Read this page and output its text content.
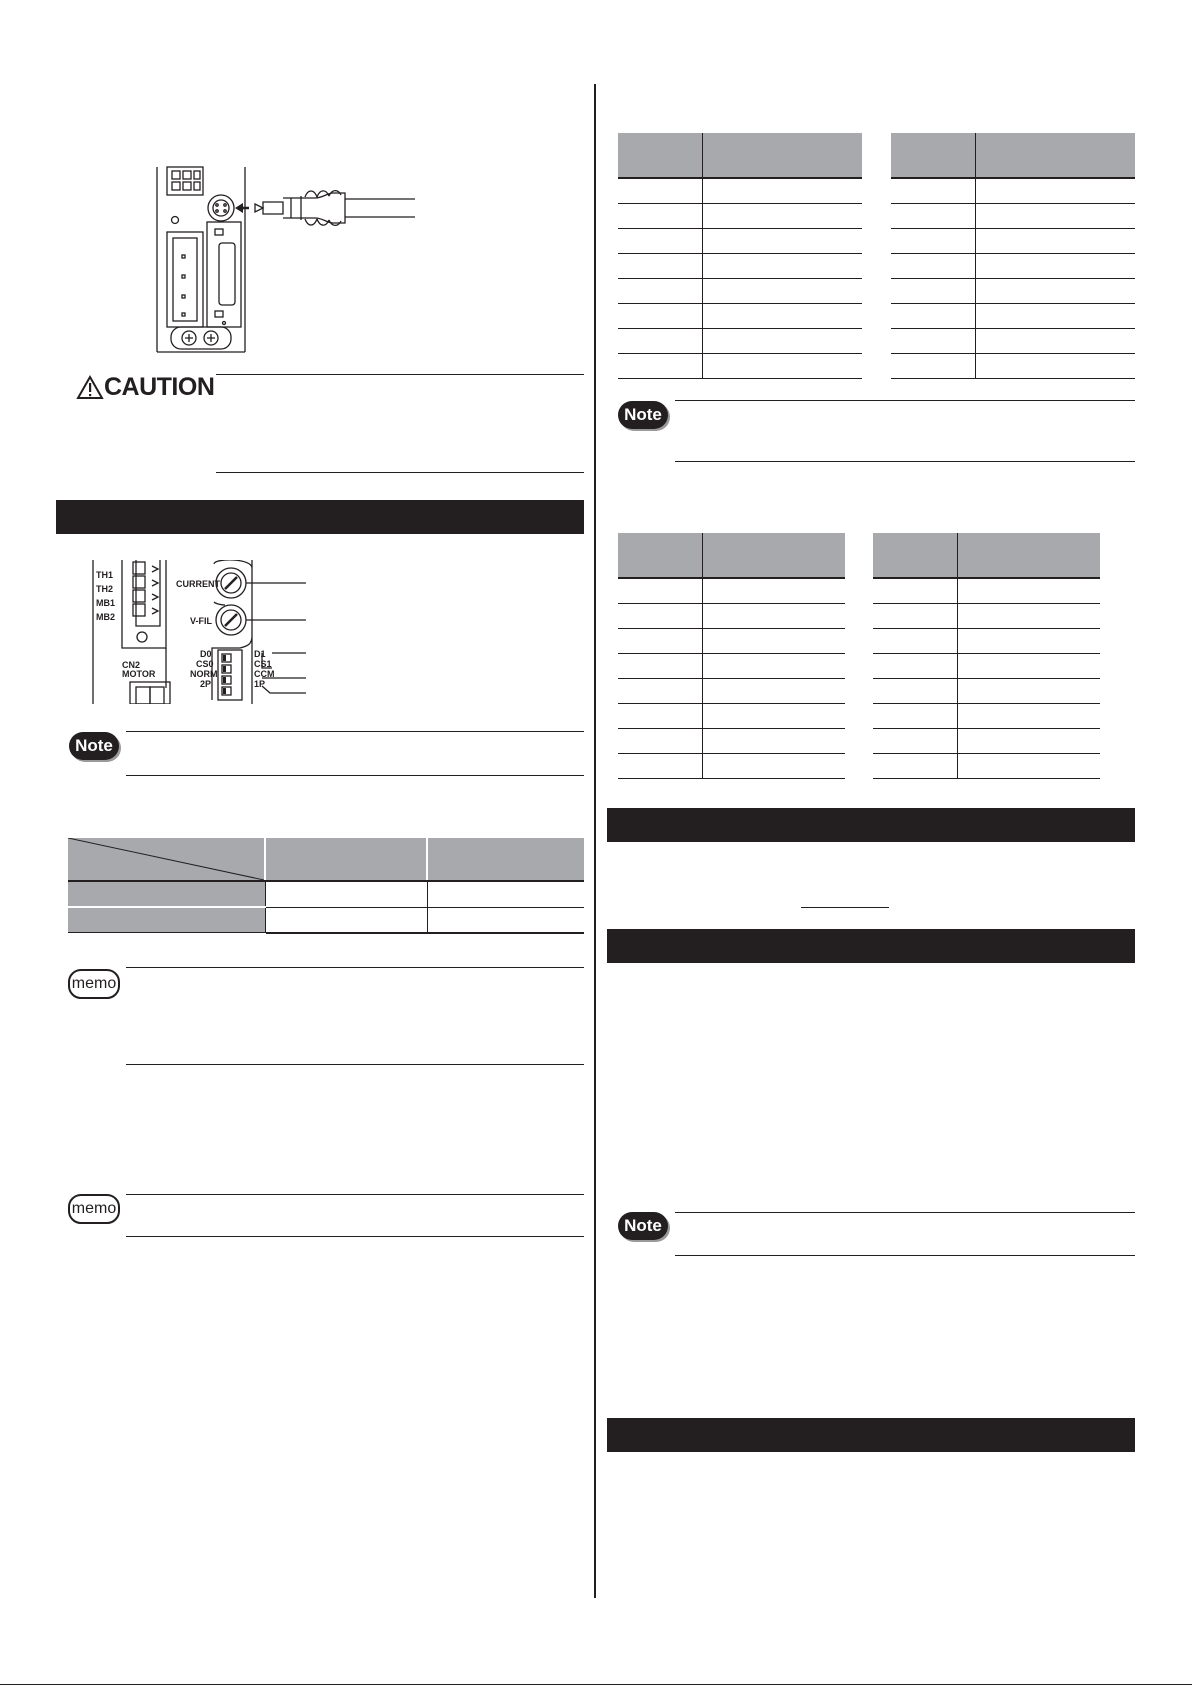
CAUTION
TH1
TH2
MB1
MB2
CN2
MOTOR
CURRENT
V-FIL
D0
CS0
NORM
2P
D1
CS1
CCM
1P
Note

memo
memo

Note

Note
